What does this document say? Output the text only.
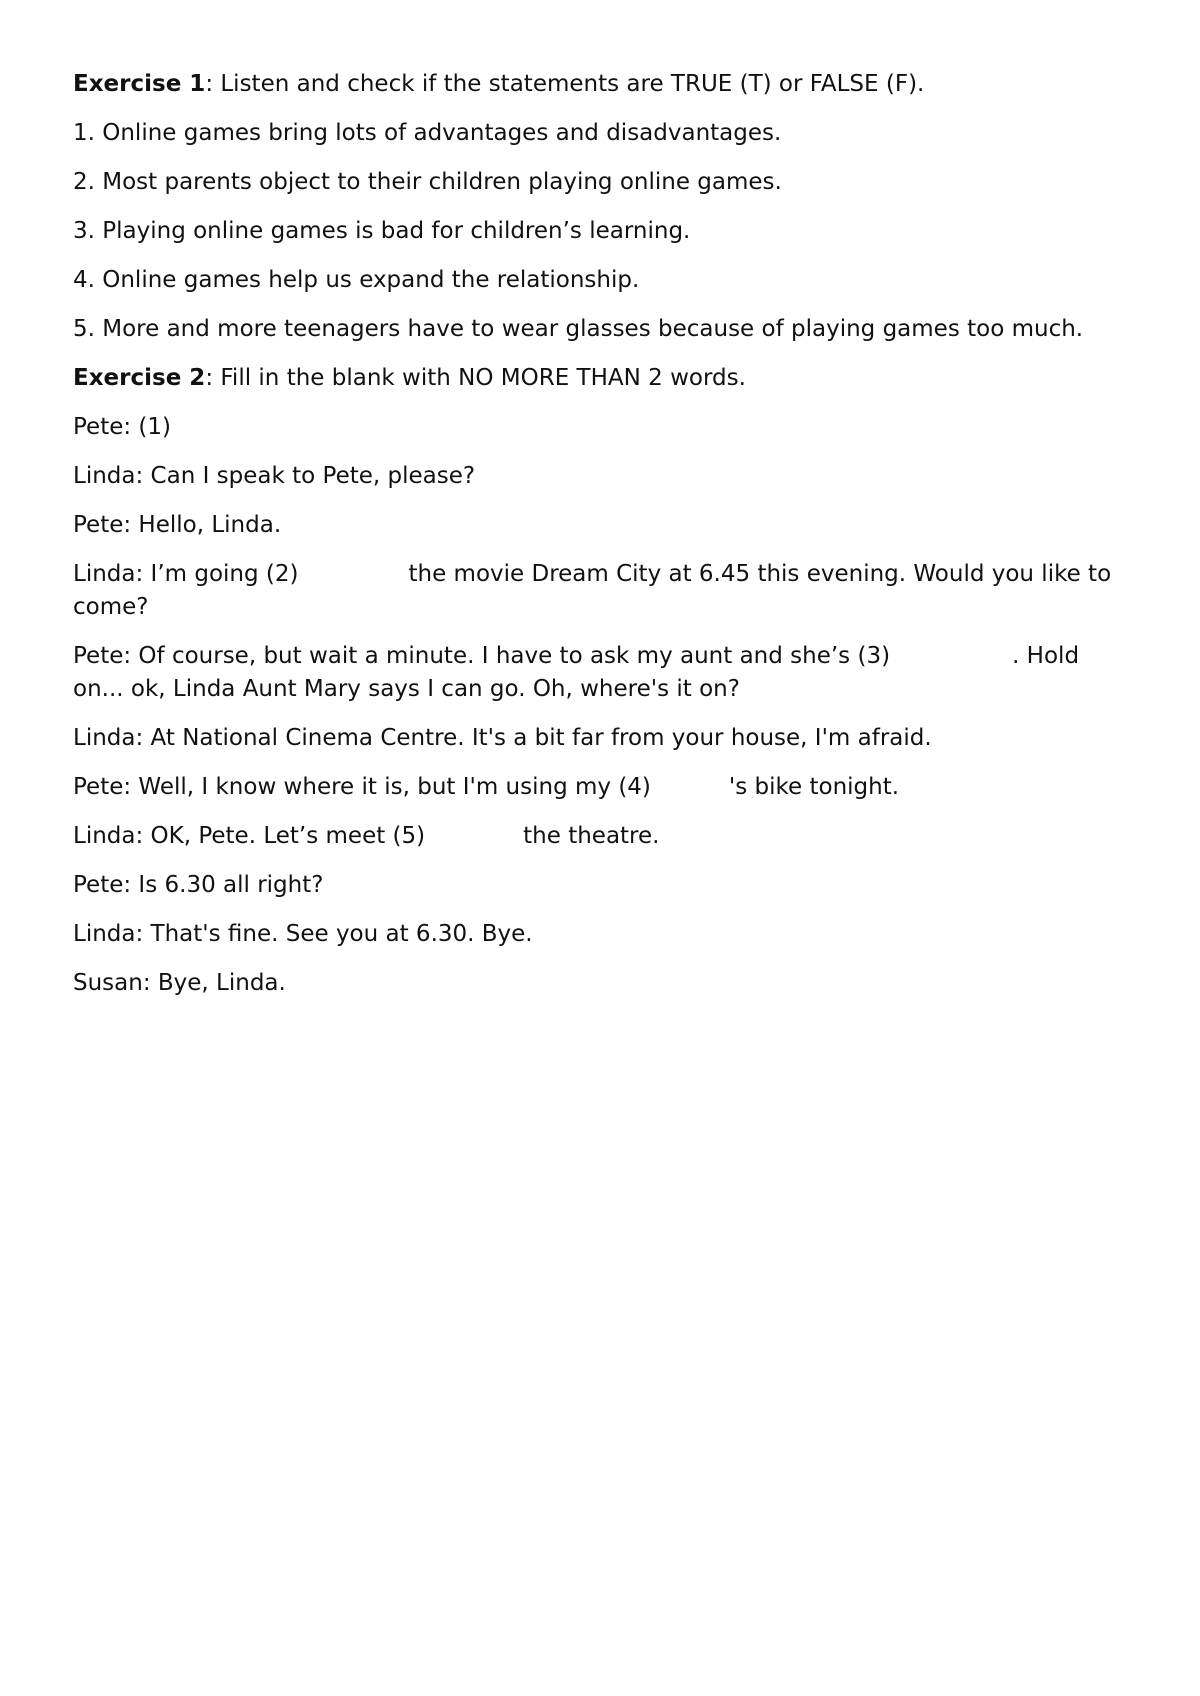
Exercise 1: Listen and check if the statements are TRUE (T) or FALSE (F).

1. Online games bring lots of advantages and disadvantages.

2. Most parents object to their children playing online games.

3. Playing online games is bad for children’s learning.

4. Online games help us expand the relationship.

5. More and more teenagers have to wear glasses because of playing games too much.

Exercise 2: Fill in the blank with NO MORE THAN 2 words.

Pete: (1)

Linda: Can I speak to Pete, please?

Pete: Hello, Linda.

Linda: I’m going (2)	the movie Dream City at 6.45 this evening. Would you like to come?

Pete: Of course, but wait a minute. I have to ask my aunt and she’s (3)	. Hold on... ok, Linda Aunt Mary says I can go. Oh, where's it on?

Linda: At National Cinema Centre. It's a bit far from your house, I'm afraid.

Pete: Well, I know where it is, but I'm using my (4)	's bike tonight.

Linda: OK, Pete. Let’s meet (5)	the theatre.

Pete: Is 6.30 all right?

Linda: That's fine. See you at 6.30. Bye.

Susan: Bye, Linda.
